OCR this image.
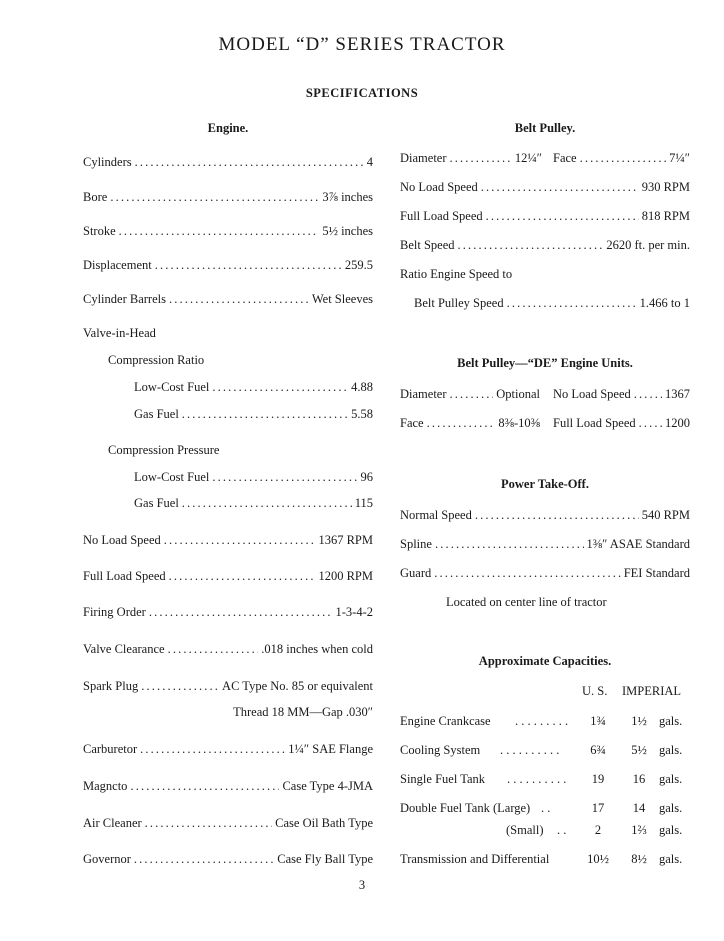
MODEL “D” SERIES TRACTOR
SPECIFICATIONS
Engine.
Cylinders . . .	4
Bore . . .	3⅞ inches
Stroke . . .	5½ inches
Displacement . . .	259.5
Cylinder Barrels . . .	Wet Sleeves
Valve-in-Head
Compression Ratio
Low-Cost Fuel . . .	4.88
Gas Fuel . . .	5.58
Compression Pressure
Low-Cost Fuel . . .	96
Gas Fuel . . .	115
No Load Speed . . .	1367 RPM
Full Load Speed . . .	1200 RPM
Firing Order . . .	1-3-4-2
Valve Clearance . . .	.018 inches when cold
Spark Plug . . .	AC Type No. 85 or equivalent
Thread 18 MM—Gap .030″
Carburetor . . .	1¼″ SAE Flange
Magncto . . .	Case Type 4-JMA
Air Cleaner . . .	Case Oil Bath Type
Governor . . .	Case Fly Ball Type
Belt Pulley.
Diameter . . .	12¼″ Face . . .	7¼″
No Load Speed . . .	930 RPM
Full Load Speed . . .	818 RPM
Belt Speed . . .	2620 ft. per min.
Ratio Engine Speed to
Belt Pulley Speed . . .	1.466 to 1
Belt Pulley—“DE” Engine Units.
Diameter . . .	Optional No Load Speed . . .	1367
Face . . .	8⅜-10⅜ Full Load Speed . . . 1200
Power Take-Off.
Normal Speed . . .	540 RPM
Spline . . .	1⅜″ ASAE Standard
Guard . . .	FEI Standard
Located on center line of tractor
Approximate Capacities.
U. S. IMPERIAL
Engine Crankcase . . . . . . . . .	1¾	1½ gals.
Cooling System . . . . . . . . . .	6¾	5½ gals.
Single Fuel Tank . . . . . . . . . .	19	16	gals.
Double Fuel Tank (Large) . .	17	14	gals.
(Small) . .	2	1⅔ gals.
Transmission and Differential	10½	8½ gals.
3
